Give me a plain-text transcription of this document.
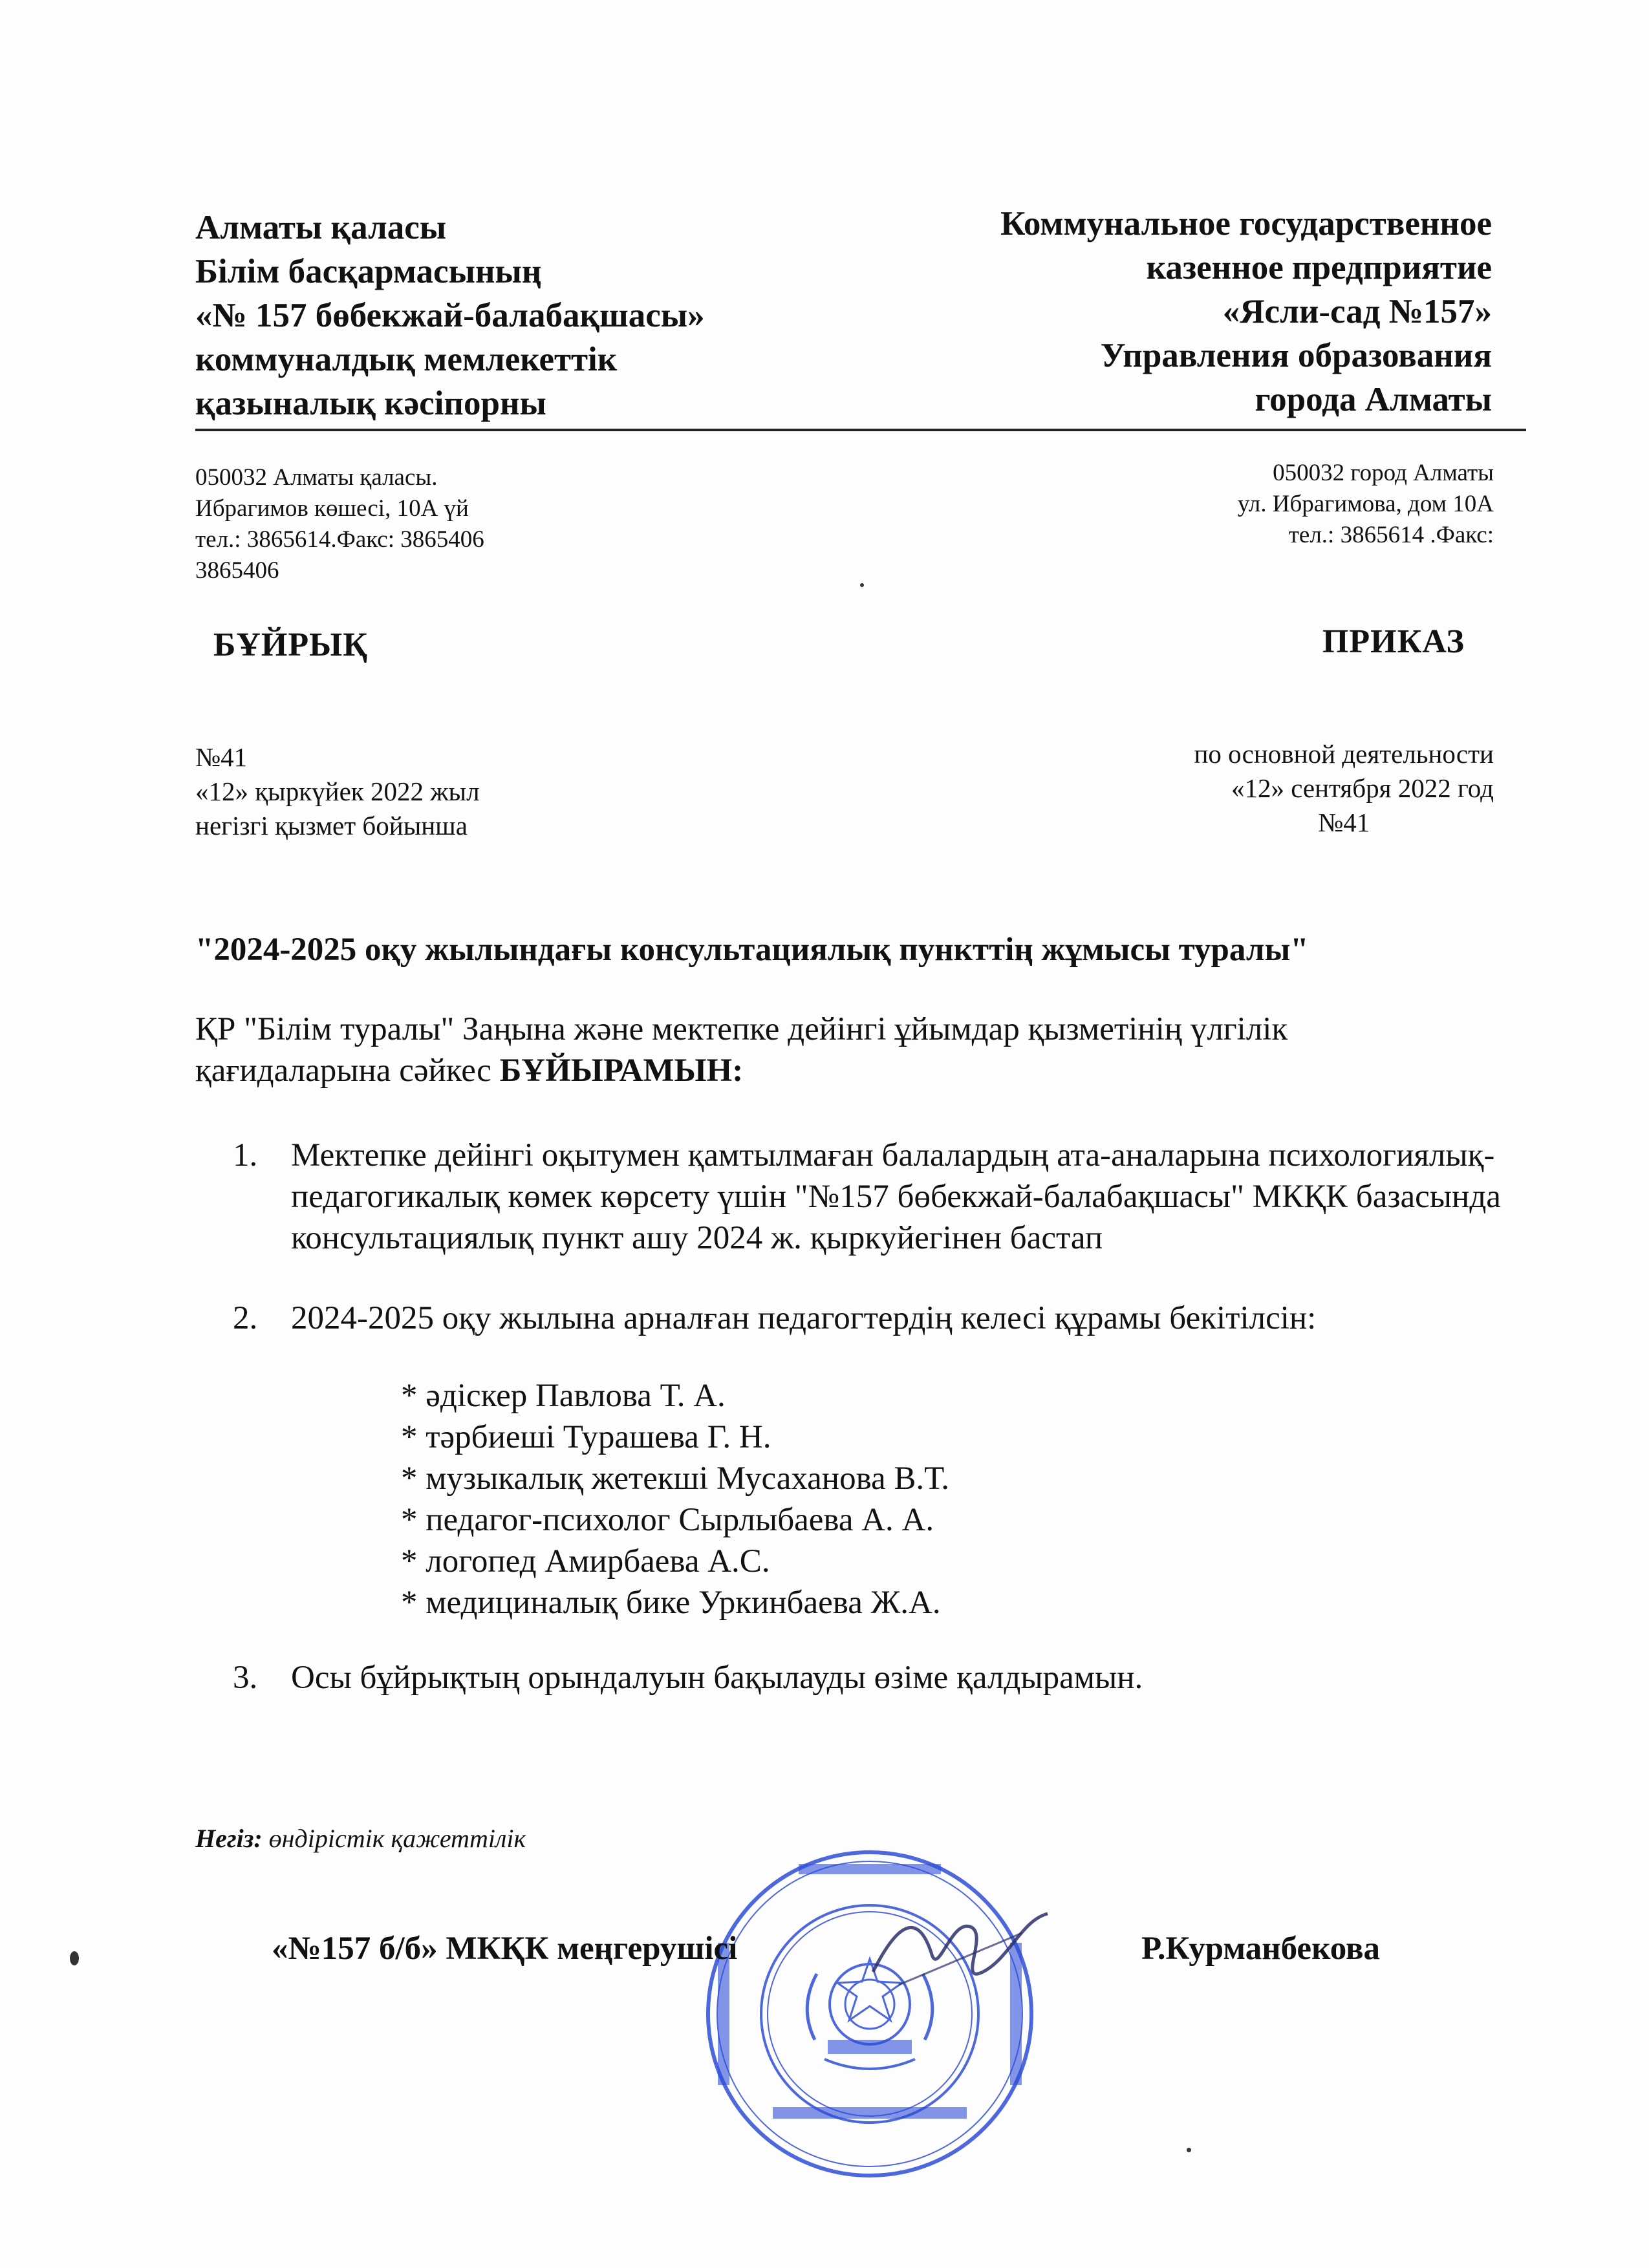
Алматы қаласы
Білім басқармасының
«№ 157 бөбекжай-балабақшасы»
коммуналдық мемлекеттік
қазыналық кәсіпорны
Коммунальное государственное
казенное предприятие
«Ясли-сад №157»
Управления образования
города Алматы
050032 Алматы қаласы.
Ибрагимов көшесі, 10А үй
тел.: 3865614.Факс: 3865406
3865406
050032 город Алматы
ул. Ибрагимова, дом 10А
тел.: 3865614 .Факс:
БҰЙРЫҚ	ПРИКАЗ
№41
«12» қыркүйек 2022 жыл
негізгі қызмет бойынша
по основной деятельности
«12» сентября 2022 год
№41
"2024-2025 оқу жылындағы консультациялық пункттің жұмысы туралы"
ҚР "Білім туралы" Заңына және мектепке дейінгі ұйымдар қызметінің үлгілік қағидаларына сәйкес БҰЙЫРАМЫН:
1. Мектепке дейінгі оқытумен қамтылмаған балалардың ата-аналарына психологиялық-педагогикалық көмек көрсету үшін "№157 бөбекжай-балабақшасы" МКҚК базасында консультациялық пункт ашу 2024 ж. қыркуйегінен бастап
2. 2024-2025 оқу жылына арналған педагогтердің келесі құрамы бекітілсін:
* әдіскер Павлова Т. А.
* тәрбиеші Турашева Г. Н.
* музыкалық жетекші Мусаханова В.Т.
* педагог-психолог Сырлыбаева А. А.
* логопед Амирбаева А.С.
* медициналық бике Уркинбаева Ж.А.
3. Осы бұйрықтың орындалуын бақылауды өзіме қалдырамын.
Негіз: өндірістік қажеттілік
«№157 б/б» МКҚК меңгерушісі	Р.Курманбекова
